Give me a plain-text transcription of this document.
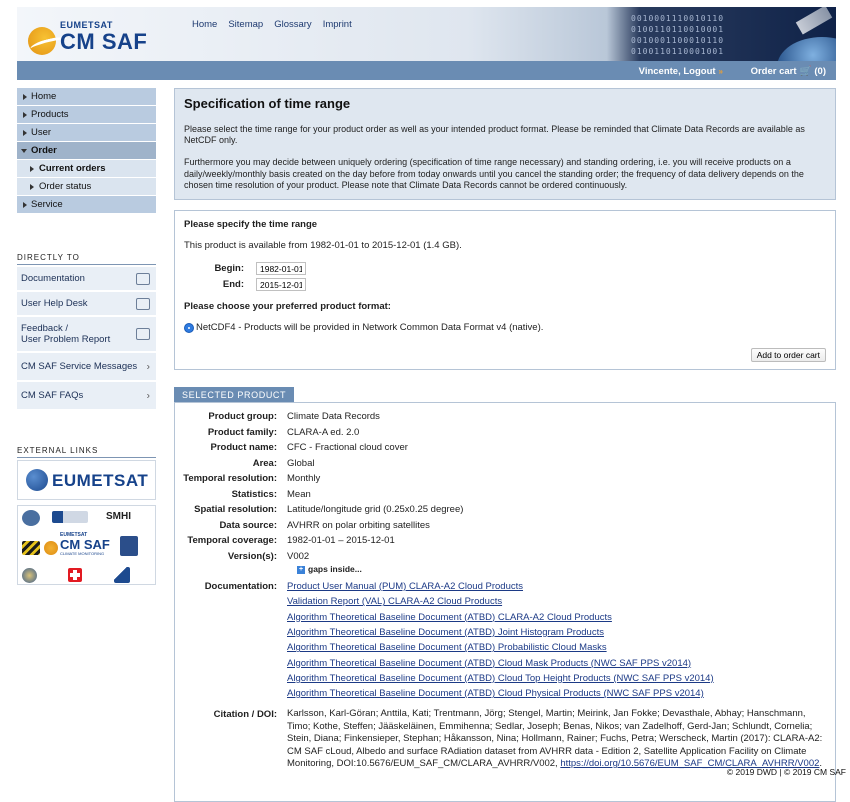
EUMETSAT
CM SAF
Home Sitemap Glossary Imprint
0010001110010110
0100110110010001
0010001100010110
0100110110001001
Vincente, Logout »	Order cart 🛒 (0)
Home
Products
User
Order
Current orders
Order status
Service
DIRECTLY TO
Documentation
User Help Desk
Feedback /
User Problem Report
CM SAF Service Messages ›
CM SAF FAQs	›
EXTERNAL LINKS
EUMETSAT
SMHI
EUMETSAT
CM SAF
CLIMATE MONITORING
Specification of time range

Please select the time range for your product order as well as your intended product format. Please be reminded that Climate Data Records are available as NetCDF only.

Furthermore you may decide between uniquely ordering (specification of time range necessary) and standing ordering, i.e. you will receive products on a daily/weekly/monthly basis created on the day before from today onwards until you cancel the standing order; the frequency of data delivery depends on the chosen time resolution of your product. Please note that Climate Data Records cannot be ordered continuously.

Please specify the time range
This product is available from 1982-01-01 to 2015-12-01 (1.4 GB).
Begin:
1982-01-01
End:
2015-12-01
Please choose your preferred product format:
NetCDF4 - Products will be provided in Network Common Data Format v4 (native).
Add to order cart
SELECTED PRODUCT
Product group:	Climate Data Records
Product family:	CLARA-A ed. 2.0
Product name:	CFC - Fractional cloud cover
Area:	Global
Temporal resolution:	Monthly
Statistics:	Mean
Spatial resolution:	Latitude/longitude grid (0.25x0.25 degree)
Data source:	AVHRR on polar orbiting satellites
Temporal coverage:	1982-01-01 – 2015-12-01
Version(s):	V002
+ gaps inside...
Documentation:	Product User Manual (PUM) CLARA-A2 Cloud Products
Validation Report (VAL) CLARA-A2 Cloud Products
Algorithm Theoretical Baseline Document (ATBD) CLARA-A2 Cloud Products
Algorithm Theoretical Baseline Document (ATBD) Joint Histogram Products
Algorithm Theoretical Baseline Document (ATBD) Probabilistic Cloud Masks
Algorithm Theoretical Baseline Document (ATBD) Cloud Mask Products (NWC SAF PPS v2014)
Algorithm Theoretical Baseline Document (ATBD) Cloud Top Height Products (NWC SAF PPS v2014)
Algorithm Theoretical Baseline Document (ATBD) Cloud Physical Products (NWC SAF PPS v2014)
Citation / DOI:	Karlsson, Karl-Göran; Anttila, Kati; Trentmann, Jörg; Stengel, Martin; Meirink, Jan Fokke; Devasthale, Abhay; Hanschmann, Timo; Kothe, Steffen; Jääskeläinen, Emmihenna; Sedlar, Joseph; Benas, Nikos; van Zadelhoff, Gerd-Jan; Schlundt, Cornelia; Stein, Diana; Finkensieper, Stephan; Håkansson, Nina; Hollmann, Rainer; Fuchs, Petra; Werscheck, Martin (2017): CLARA-A2: CM SAF cLoud, Albedo and surface RAdiation dataset from AVHRR data - Edition 2, Satellite Application Facility on Climate Monitoring, DOI:10.5676/EUM_SAF_CM/CLARA_AVHRR/V002, https://doi.org/10.5676/EUM_SAF_CM/CLARA_AVHRR/V002.
© 2019 DWD | © 2019 CM SAF
